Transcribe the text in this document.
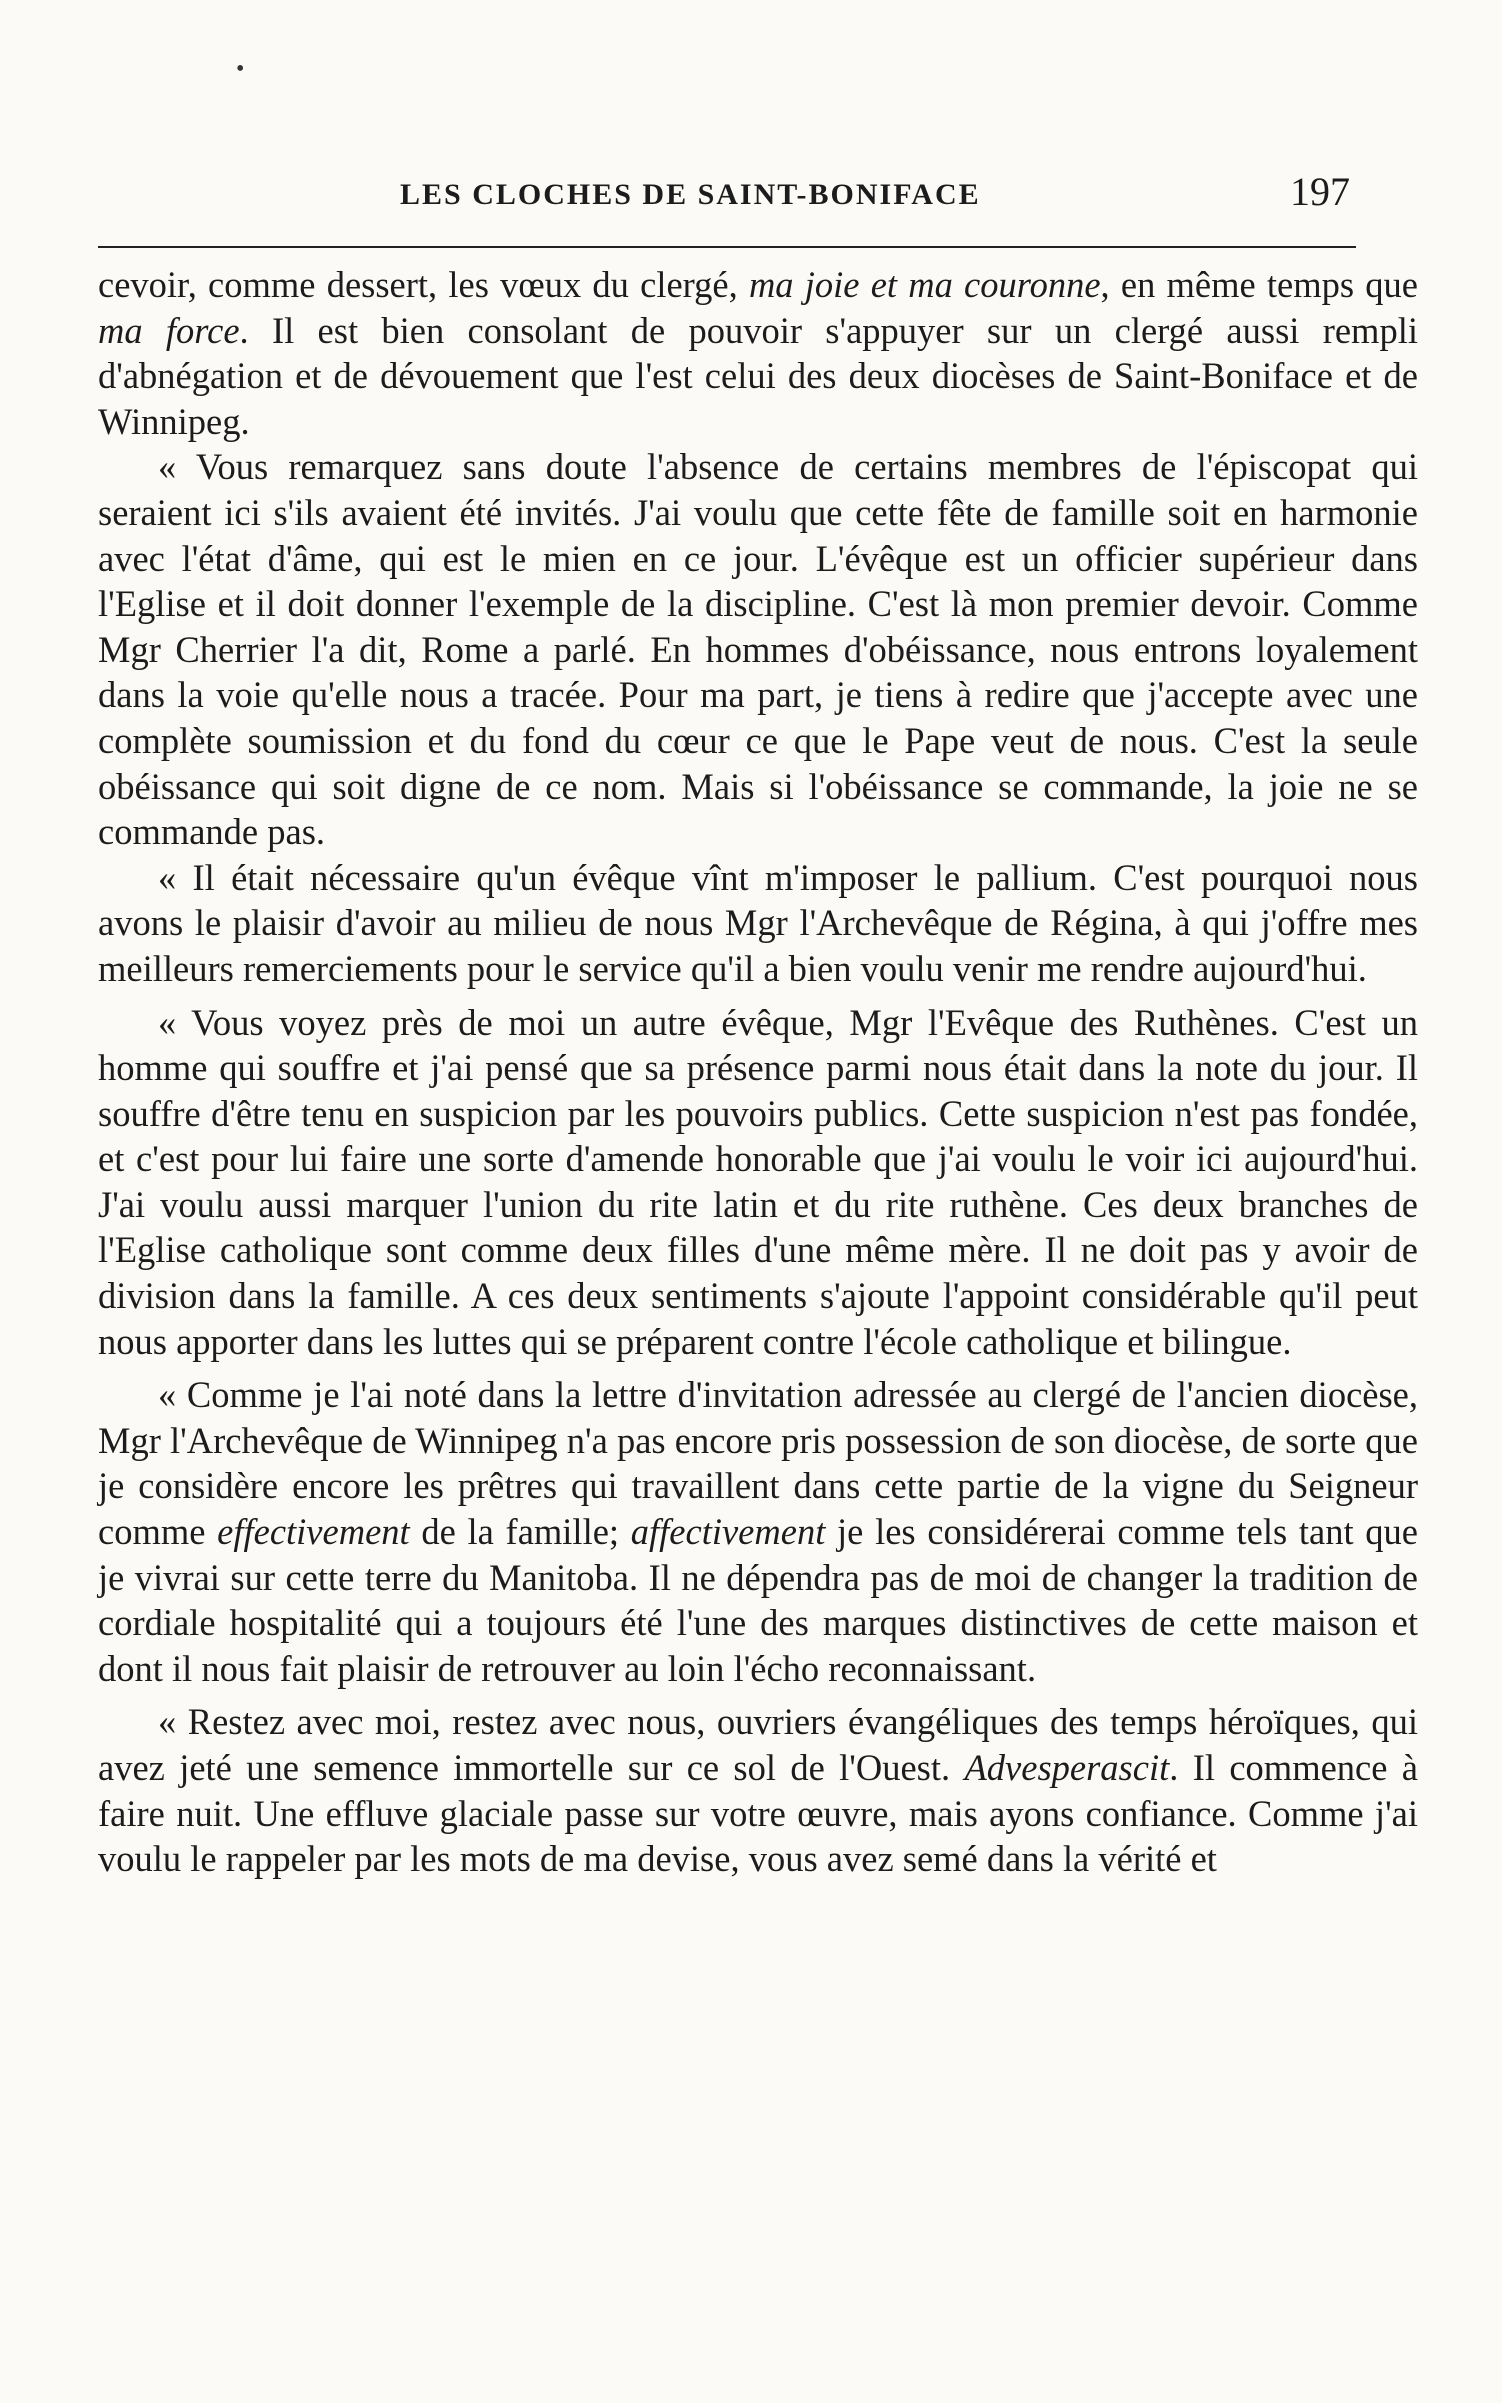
•
LES CLOCHES DE SAINT-BONIFACE	197

cevoir, comme dessert, les vœux du clergé, ma joie et ma couronne, en même temps que ma force. Il est bien consolant de pouvoir s'appuyer sur un clergé aussi rempli d'abnégation et de dévouement que l'est celui des deux diocèses de Saint-Boniface et de Winnipeg.

« Vous remarquez sans doute l'absence de certains membres de l'épiscopat qui seraient ici s'ils avaient été invités. J'ai voulu que cette fête de famille soit en harmonie avec l'état d'âme, qui est le mien en ce jour. L'évêque est un officier supérieur dans l'Eglise et il doit donner l'exemple de la discipline. C'est là mon premier devoir. Comme Mgr Cherrier l'a dit, Rome a parlé. En hommes d'obéissance, nous entrons loyalement dans la voie qu'elle nous a tracée. Pour ma part, je tiens à redire que j'accepte avec une complète soumission et du fond du cœur ce que le Pape veut de nous. C'est la seule obéissance qui soit digne de ce nom. Mais si l'obéissance se commande, la joie ne se commande pas.

« Il était nécessaire qu'un évêque vînt m'imposer le pallium. C'est pourquoi nous avons le plaisir d'avoir au milieu de nous Mgr l'Archevêque de Régina, à qui j'offre mes meilleurs remerciements pour le service qu'il a bien voulu venir me rendre aujourd'hui.

« Vous voyez près de moi un autre évêque, Mgr l'Evêque des Ruthènes. C'est un homme qui souffre et j'ai pensé que sa présence parmi nous était dans la note du jour. Il souffre d'être tenu en suspicion par les pouvoirs publics. Cette suspicion n'est pas fondée, et c'est pour lui faire une sorte d'amende honorable que j'ai voulu le voir ici aujourd'hui. J'ai voulu aussi marquer l'union du rite latin et du rite ruthène. Ces deux branches de l'Eglise catholique sont comme deux filles d'une même mère. Il ne doit pas y avoir de division dans la famille. A ces deux sentiments s'ajoute l'appoint considérable qu'il peut nous apporter dans les luttes qui se préparent contre l'école catholique et bilingue.

« Comme je l'ai noté dans la lettre d'invitation adressée au clergé de l'ancien diocèse, Mgr l'Archevêque de Winnipeg n'a pas encore pris possession de son diocèse, de sorte que je considère encore les prêtres qui travaillent dans cette partie de la vigne du Seigneur comme effectivement de la famille; affectivement je les considérerai comme tels tant que je vivrai sur cette terre du Manitoba. Il ne dépendra pas de moi de changer la tradition de cordiale hospitalité qui a toujours été l'une des marques distinctives de cette maison et dont il nous fait plaisir de retrouver au loin l'écho reconnaissant.

« Restez avec moi, restez avec nous, ouvriers évangéliques des temps héroïques, qui avez jeté une semence immortelle sur ce sol de l'Ouest. Advesperascit. Il commence à faire nuit. Une effluve glaciale passe sur votre œuvre, mais ayons confiance. Comme j'ai voulu le rappeler par les mots de ma devise, vous avez semé dans la vérité et
